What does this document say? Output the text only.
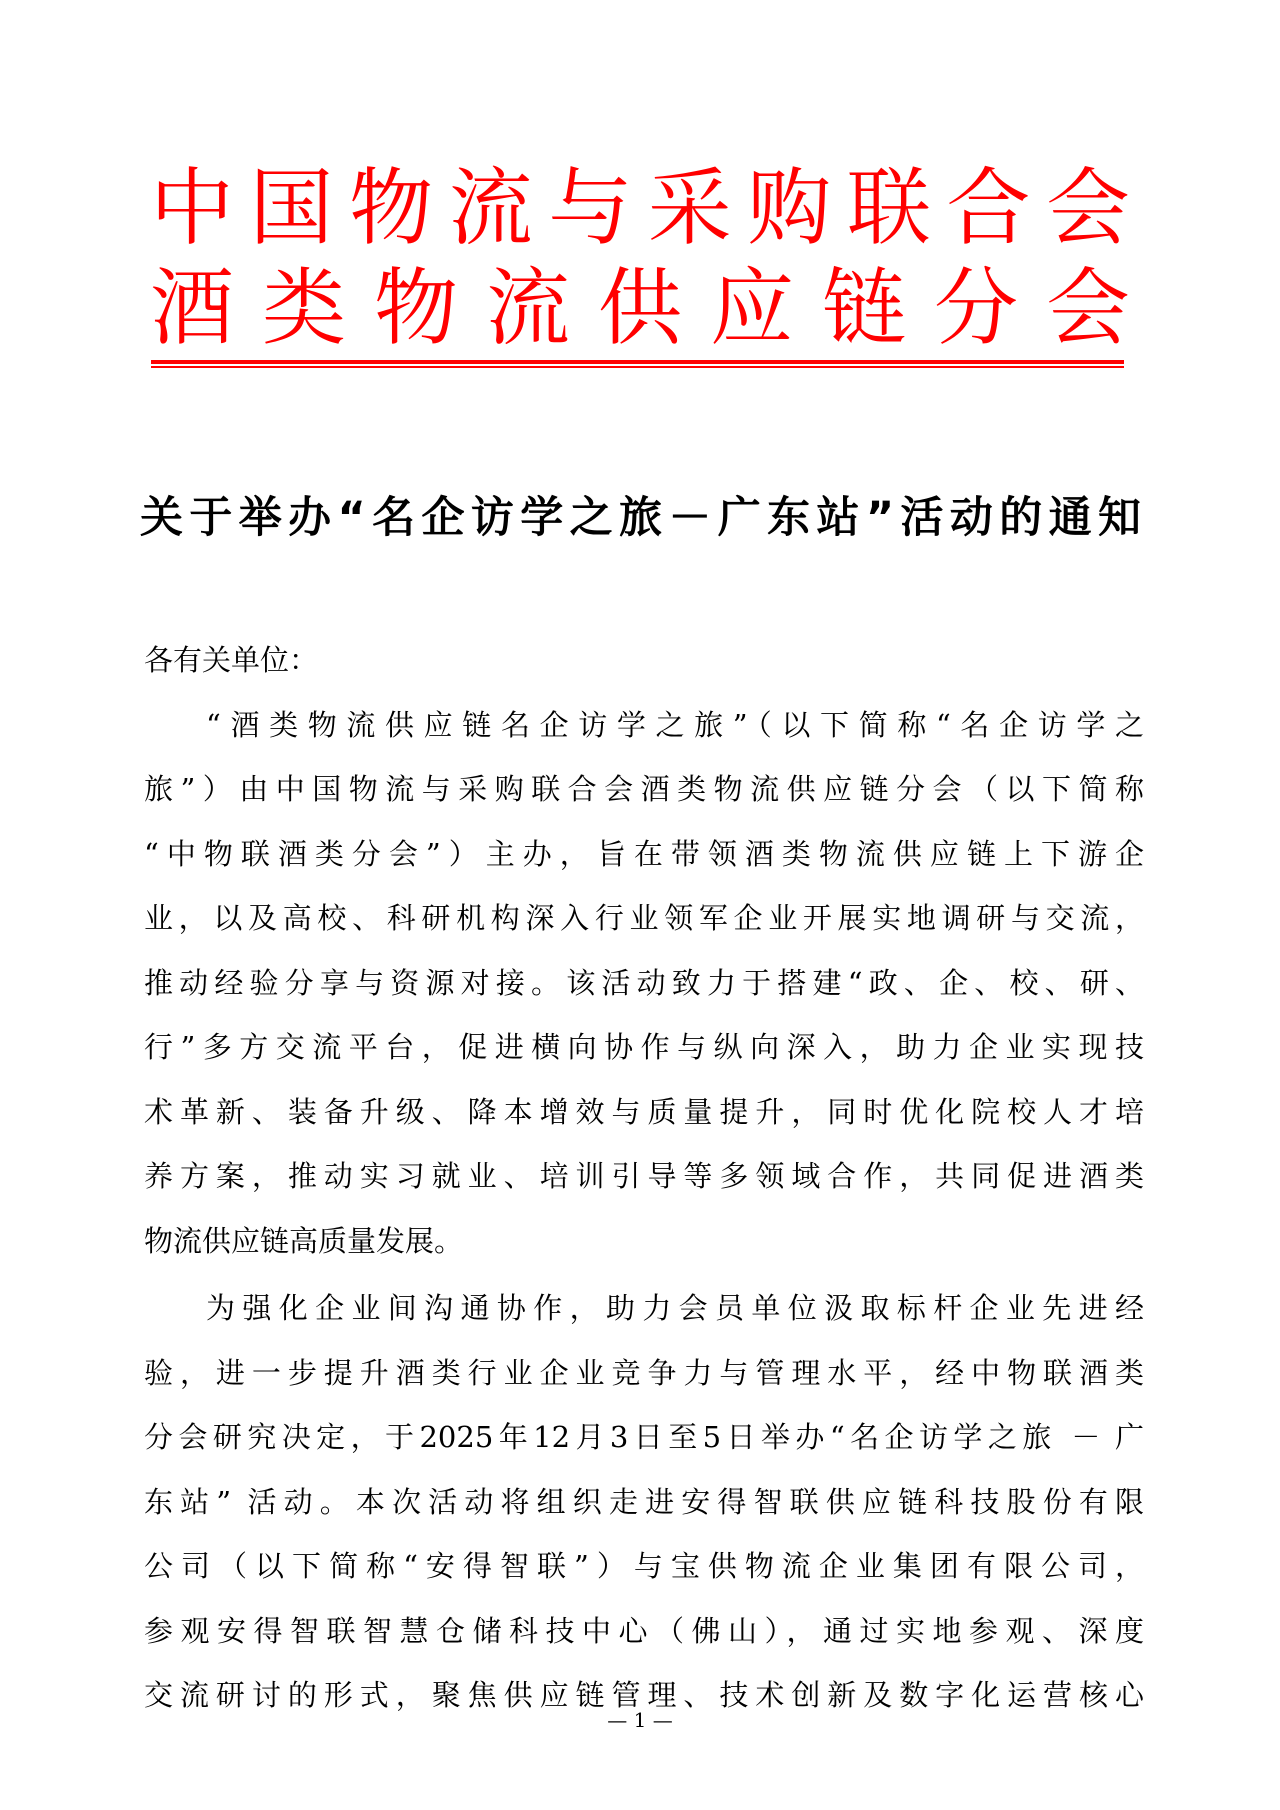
中国物流与采购联合会
酒类物流供应链分会
关于举办“名企访学之旅－广东站”活动的通知
各有关单位：
“酒类物流供应链名企访学之旅”（以下简称“名企访学之
旅”）由中国物流与采购联合会酒类物流供应链分会（以下简称
“中物联酒类分会”）主办，旨在带领酒类物流供应链上下游企
业，以及高校、科研机构深入行业领军企业开展实地调研与交流，
推动经验分享与资源对接。该活动致力于搭建“政、企、校、研、
行”多方交流平台，促进横向协作与纵向深入，助力企业实现技
术革新、装备升级、降本增效与质量提升，同时优化院校人才培
养方案，推动实习就业、培训引导等多领域合作，共同促进酒类
物流供应链高质量发展。
为强化企业间沟通协作，助力会员单位汲取标杆企业先进经
验，进一步提升酒类行业企业竞争力与管理水平，经中物联酒类
分会研究决定，于2025年12月3日至5日举办“名企访学之旅 － 广
东站” 活动。本次活动将组织走进安得智联供应链科技股份有限
公司（以下简称“安得智联”）与宝供物流企业集团有限公司，
参观安得智联智慧仓储科技中心（佛山），通过实地参观、深度
交流研讨的形式，聚焦供应链管理、技术创新及数字化运营核心
— 1 —
